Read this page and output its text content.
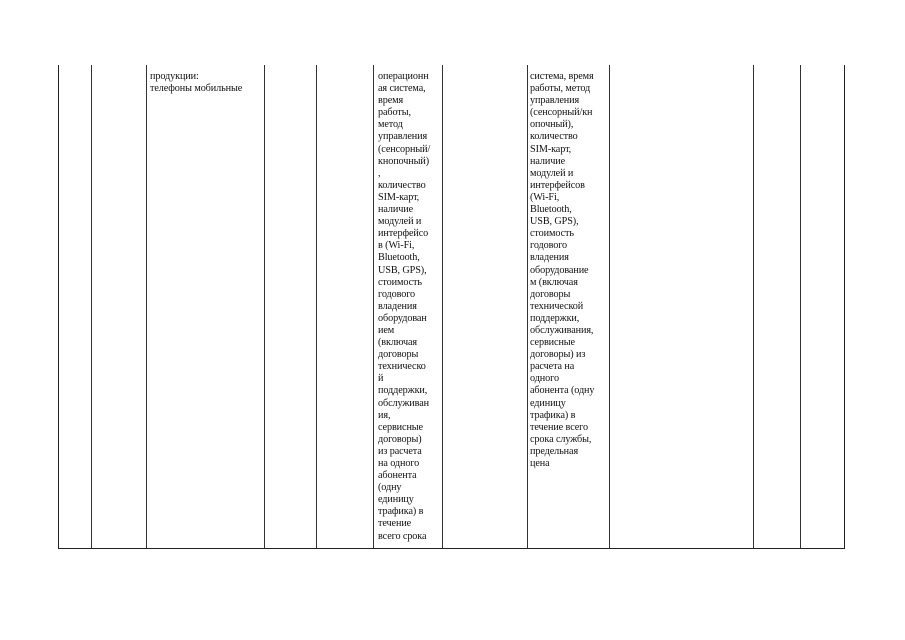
продукции:
телефоны мобильные
операционн
ая система,
время
работы,
метод
управления
(сенсорный/
кнопочный)
,
количество
SIM-карт,
наличие
модулей и
интерфейсо
в (Wi-Fi,
Bluetooth,
USB, GPS),
стоимость
годового
владения
оборудован
ием
(включая
договоры
техническо
й
поддержки,
обслуживан
ия,
сервисные
договоры)
из расчета
на одного
абонента
(одну
единицу
трафика) в
течение
всего срока
система, время
работы, метод
управления
(сенсорный/кн
опочный),
количество
SIM-карт,
наличие
модулей и
интерфейсов
(Wi-Fi,
Bluetooth,
USB, GPS),
стоимость
годового
владения
оборудование
м (включая
договоры
технической
поддержки,
обслуживания,
сервисные
договоры) из
расчета на
одного
абонента (одну
единицу
трафика) в
течение всего
срока службы,
предельная
цена
